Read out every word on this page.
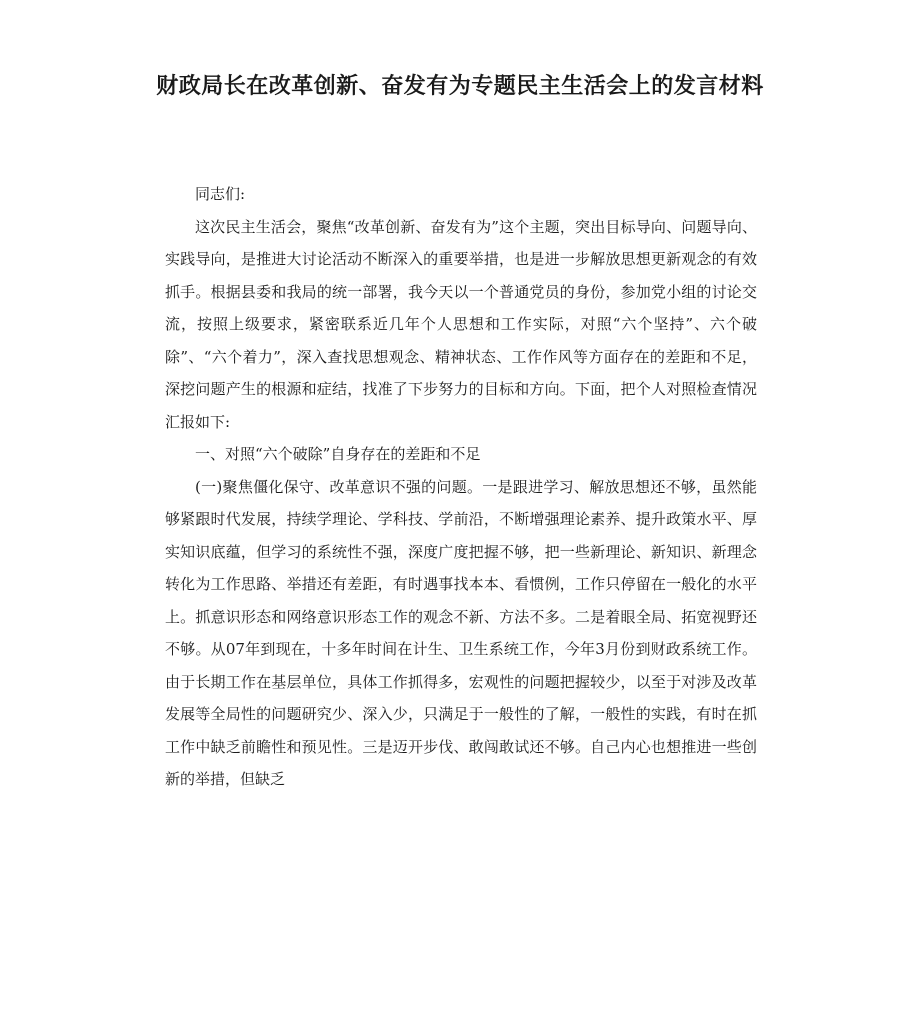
财政局长在改革创新、奋发有为专题民主生活会上的发言材料

同志们:

这次民主生活会，聚焦“改革创新、奋发有为”这个主题，突出目标导向、问题导向、实践导向，是推进大讨论活动不断深入的重要举措，也是进一步解放思想更新观念的有效抓手。根据县委和我局的统一部署，我今天以一个普通党员的身份，参加党小组的讨论交流，按照上级要求，紧密联系近几年个人思想和工作实际，对照“六个坚持”、六个破除”、“六个着力”，深入查找思想观念、精神状态、工作作风等方面存在的差距和不足，深挖问题产生的根源和症结，找准了下步努力的目标和方向。下面，把个人对照检查情况汇报如下:

一、对照“六个破除”自身存在的差距和不足

(一)聚焦僵化保守、改革意识不强的问题。一是跟进学习、解放思想还不够，虽然能够紧跟时代发展，持续学理论、学科技、学前沿，不断增强理论素养、提升政策水平、厚实知识底蕴，但学习的系统性不强，深度广度把握不够，把一些新理论、新知识、新理念转化为工作思路、举措还有差距，有时遇事找本本、看惯例，工作只停留在一般化的水平上。抓意识形态和网络意识形态工作的观念不新、方法不多。二是着眼全局、拓宽视野还不够。从07年到现在，十多年时间在计生、卫生系统工作，今年3月份到财政系统工作。由于长期工作在基层单位，具体工作抓得多，宏观性的问题把握较少，以至于对涉及改革发展等全局性的问题研究少、深入少，只满足于一般性的了解，一般性的实践，有时在抓工作中缺乏前瞻性和预见性。三是迈开步伐、敢闯敢试还不够。自己内心也想推进一些创新的举措，但缺乏
